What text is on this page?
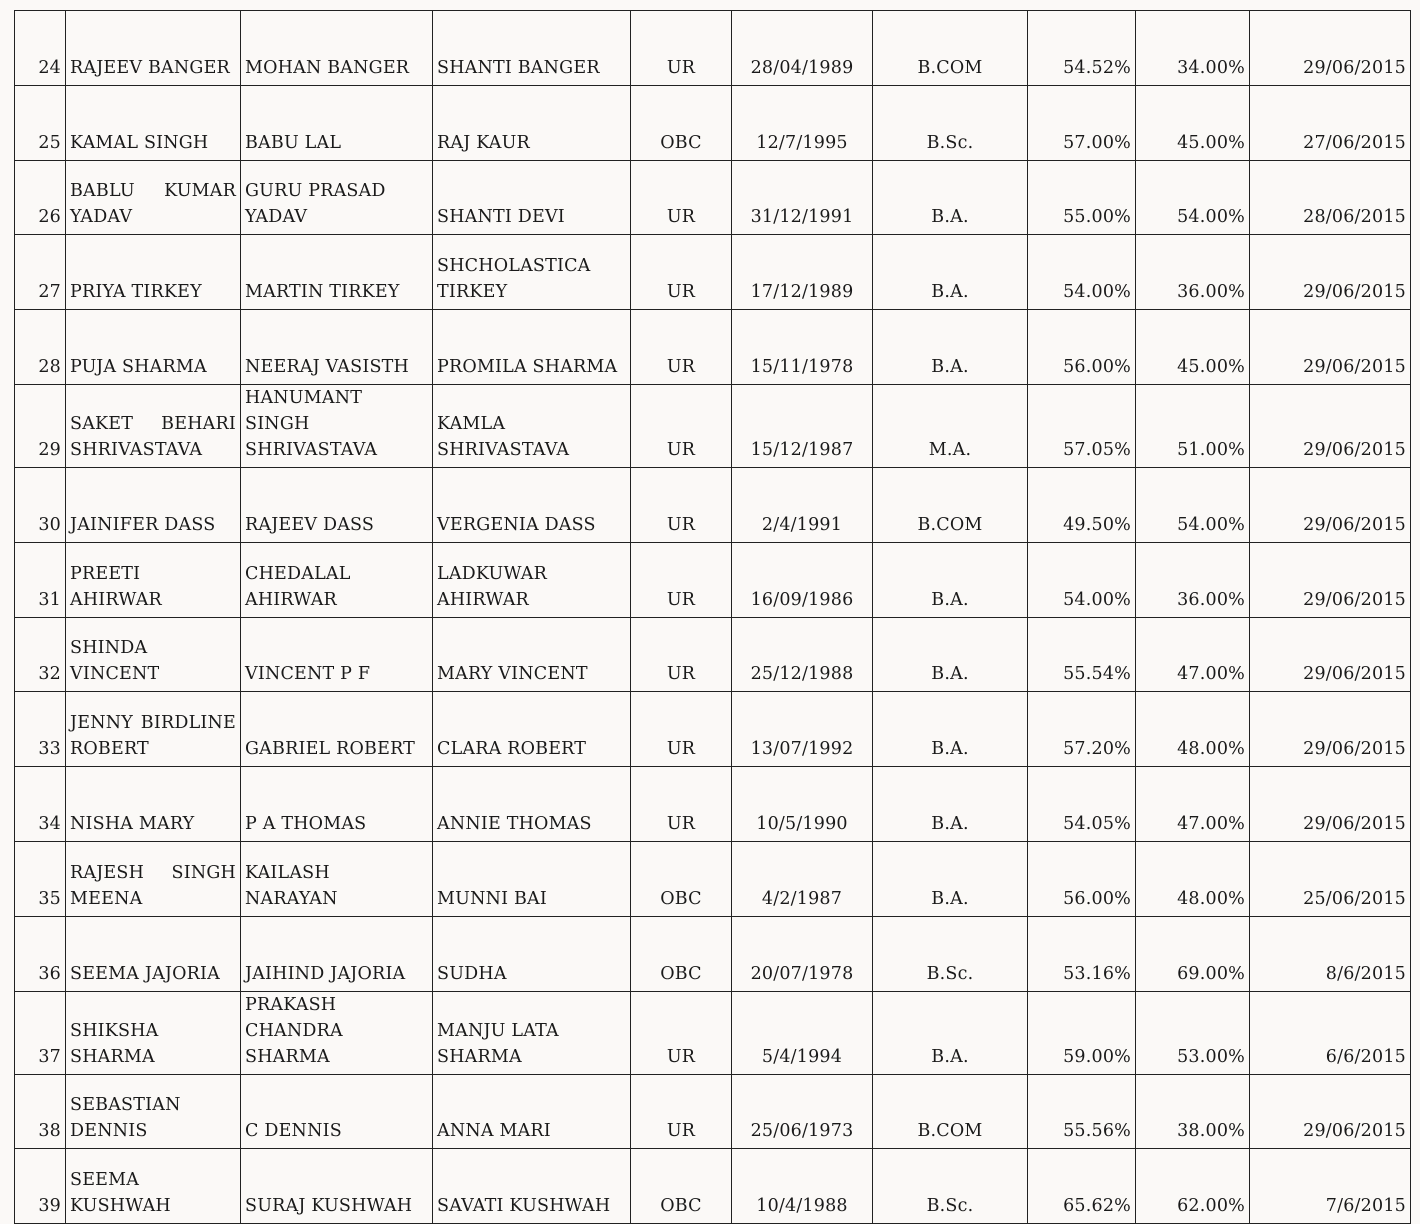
24	RAJEEV BANGER	MOHAN BANGER	SHANTI BANGER	UR	28/04/1989	B.COM	54.52%	34.00%	29/06/2015
25	KAMAL SINGH	BABU LAL	RAJ KAUR	OBC	12/7/1995	B.Sc.	57.00%	45.00%	27/06/2015
26	BABLU KUMAR YADAV	GURU PRASAD YADAV	SHANTI DEVI	UR	31/12/1991	B.A.	55.00%	54.00%	28/06/2015
27	PRIYA TIRKEY	MARTIN TIRKEY	SHCHOLASTICA TIRKEY	UR	17/12/1989	B.A.	54.00%	36.00%	29/06/2015
28	PUJA SHARMA	NEERAJ VASISTH	PROMILA SHARMA	UR	15/11/1978	B.A.	56.00%	45.00%	29/06/2015
29	SAKET BEHARI SHRIVASTAVA	HANUMANT SINGH SHRIVASTAVA	KAMLA SHRIVASTAVA	UR	15/12/1987	M.A.	57.05%	51.00%	29/06/2015
30	JAINIFER DASS	RAJEEV DASS	VERGENIA DASS	UR	2/4/1991	B.COM	49.50%	54.00%	29/06/2015
31	PREETI AHIRWAR	CHEDALAL AHIRWAR	LADKUWAR AHIRWAR	UR	16/09/1986	B.A.	54.00%	36.00%	29/06/2015
32	SHINDA VINCENT	VINCENT P F	MARY VINCENT	UR	25/12/1988	B.A.	55.54%	47.00%	29/06/2015
33	JENNY BIRDLINE ROBERT	GABRIEL ROBERT	CLARA ROBERT	UR	13/07/1992	B.A.	57.20%	48.00%	29/06/2015
34	NISHA MARY	P A THOMAS	ANNIE THOMAS	UR	10/5/1990	B.A.	54.05%	47.00%	29/06/2015
35	RAJESH SINGH MEENA	KAILASH NARAYAN	MUNNI BAI	OBC	4/2/1987	B.A.	56.00%	48.00%	25/06/2015
36	SEEMA JAJORIA	JAIHIND JAJORIA	SUDHA	OBC	20/07/1978	B.Sc.	53.16%	69.00%	8/6/2015
37	SHIKSHA SHARMA	PRAKASH CHANDRA SHARMA	MANJU LATA SHARMA	UR	5/4/1994	B.A.	59.00%	53.00%	6/6/2015
38	SEBASTIAN DENNIS	C DENNIS	ANNA MARI	UR	25/06/1973	B.COM	55.56%	38.00%	29/06/2015
39	SEEMA KUSHWAH	SURAJ KUSHWAH	SAVATI KUSHWAH	OBC	10/4/1988	B.Sc.	65.62%	62.00%	7/6/2015
